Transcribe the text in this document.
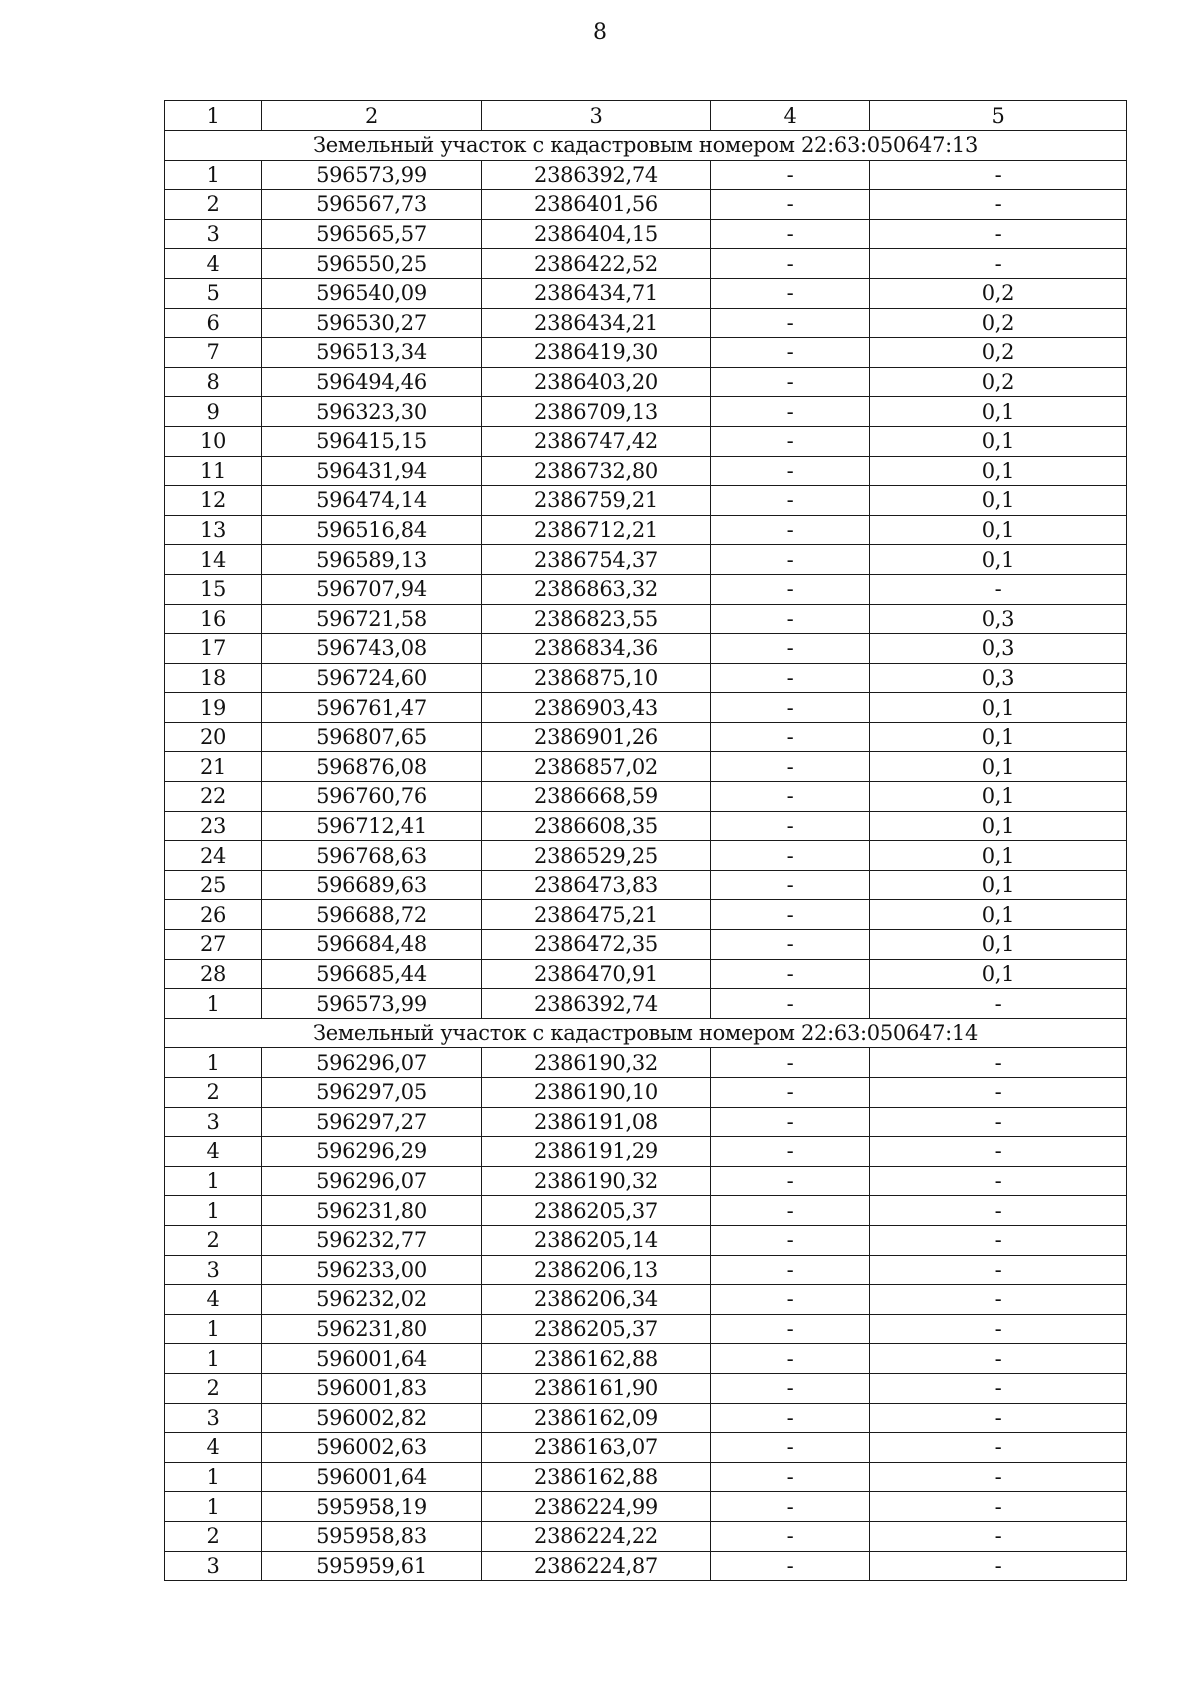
8
1	2	3	4	5
Земельный участок с кадастровым номером 22:63:050647:13				
1	596573,99	2386392,74	-	-
2	596567,73	2386401,56	-	-
3	596565,57	2386404,15	-	-
4	596550,25	2386422,52	-	-
5	596540,09	2386434,71	-	0,2
6	596530,27	2386434,21	-	0,2
7	596513,34	2386419,30	-	0,2
8	596494,46	2386403,20	-	0,2
9	596323,30	2386709,13	-	0,1
10	596415,15	2386747,42	-	0,1
11	596431,94	2386732,80	-	0,1
12	596474,14	2386759,21	-	0,1
13	596516,84	2386712,21	-	0,1
14	596589,13	2386754,37	-	0,1
15	596707,94	2386863,32	-	-
16	596721,58	2386823,55	-	0,3
17	596743,08	2386834,36	-	0,3
18	596724,60	2386875,10	-	0,3
19	596761,47	2386903,43	-	0,1
20	596807,65	2386901,26	-	0,1
21	596876,08	2386857,02	-	0,1
22	596760,76	2386668,59	-	0,1
23	596712,41	2386608,35	-	0,1
24	596768,63	2386529,25	-	0,1
25	596689,63	2386473,83	-	0,1
26	596688,72	2386475,21	-	0,1
27	596684,48	2386472,35	-	0,1
28	596685,44	2386470,91	-	0,1
1	596573,99	2386392,74	-	-
Земельный участок с кадастровым номером 22:63:050647:14				
1	596296,07	2386190,32	-	-
2	596297,05	2386190,10	-	-
3	596297,27	2386191,08	-	-
4	596296,29	2386191,29	-	-
1	596296,07	2386190,32	-	-
1	596231,80	2386205,37	-	-
2	596232,77	2386205,14	-	-
3	596233,00	2386206,13	-	-
4	596232,02	2386206,34	-	-
1	596231,80	2386205,37	-	-
1	596001,64	2386162,88	-	-
2	596001,83	2386161,90	-	-
3	596002,82	2386162,09	-	-
4	596002,63	2386163,07	-	-
1	596001,64	2386162,88	-	-
1	595958,19	2386224,99	-	-
2	595958,83	2386224,22	-	-
3	595959,61	2386224,87	-	-
